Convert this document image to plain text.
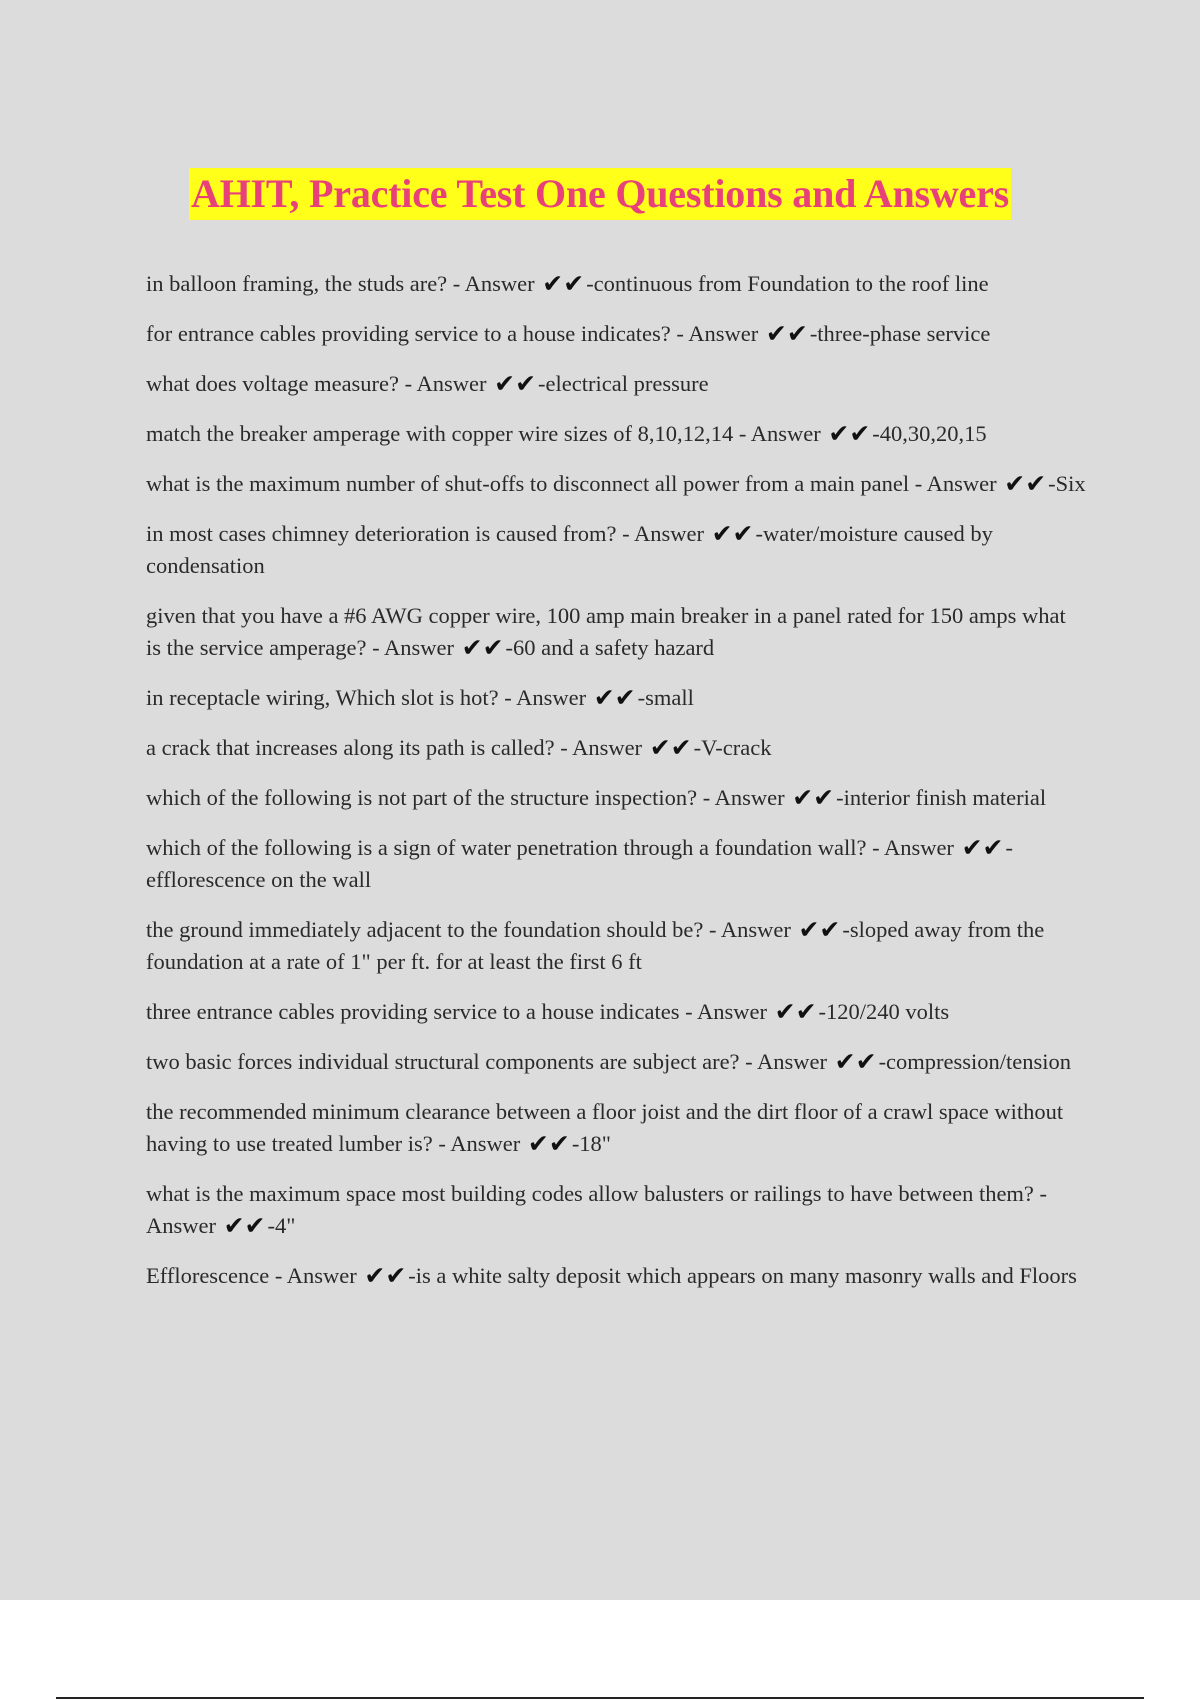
AHIT, Practice Test One Questions and Answers
in balloon framing, the studs are? - Answer ✔✔-continuous from Foundation to the roof line
for entrance cables providing service to a house indicates? - Answer ✔✔-three-phase service
what does voltage measure? - Answer ✔✔-electrical pressure
match the breaker amperage with copper wire sizes of 8,10,12,14 - Answer ✔✔-40,30,20,15
what is the maximum number of shut-offs to disconnect all power from a main panel - Answer ✔✔-Six
in most cases chimney deterioration is caused from? - Answer ✔✔-water/moisture caused by condensation
given that you have a #6 AWG copper wire, 100 amp main breaker in a panel rated for 150 amps what is the service amperage? - Answer ✔✔-60 and a safety hazard
in receptacle wiring, Which slot is hot? - Answer ✔✔-small
a crack that increases along its path is called? - Answer ✔✔-V-crack
which of the following is not part of the structure inspection? - Answer ✔✔-interior finish material
which of the following is a sign of water penetration through a foundation wall? - Answer ✔✔-efflorescence on the wall
the ground immediately adjacent to the foundation should be? - Answer ✔✔-sloped away from the foundation at a rate of 1" per ft. for at least the first 6 ft
three entrance cables providing service to a house indicates - Answer ✔✔-120/240 volts
two basic forces individual structural components are subject are? - Answer ✔✔-compression/tension
the recommended minimum clearance between a floor joist and the dirt floor of a crawl space without having to use treated lumber is? - Answer ✔✔-18"
what is the maximum space most building codes allow balusters or railings to have between them? - Answer ✔✔-4"
Efflorescence - Answer ✔✔-is a white salty deposit which appears on many masonry walls and Floors
